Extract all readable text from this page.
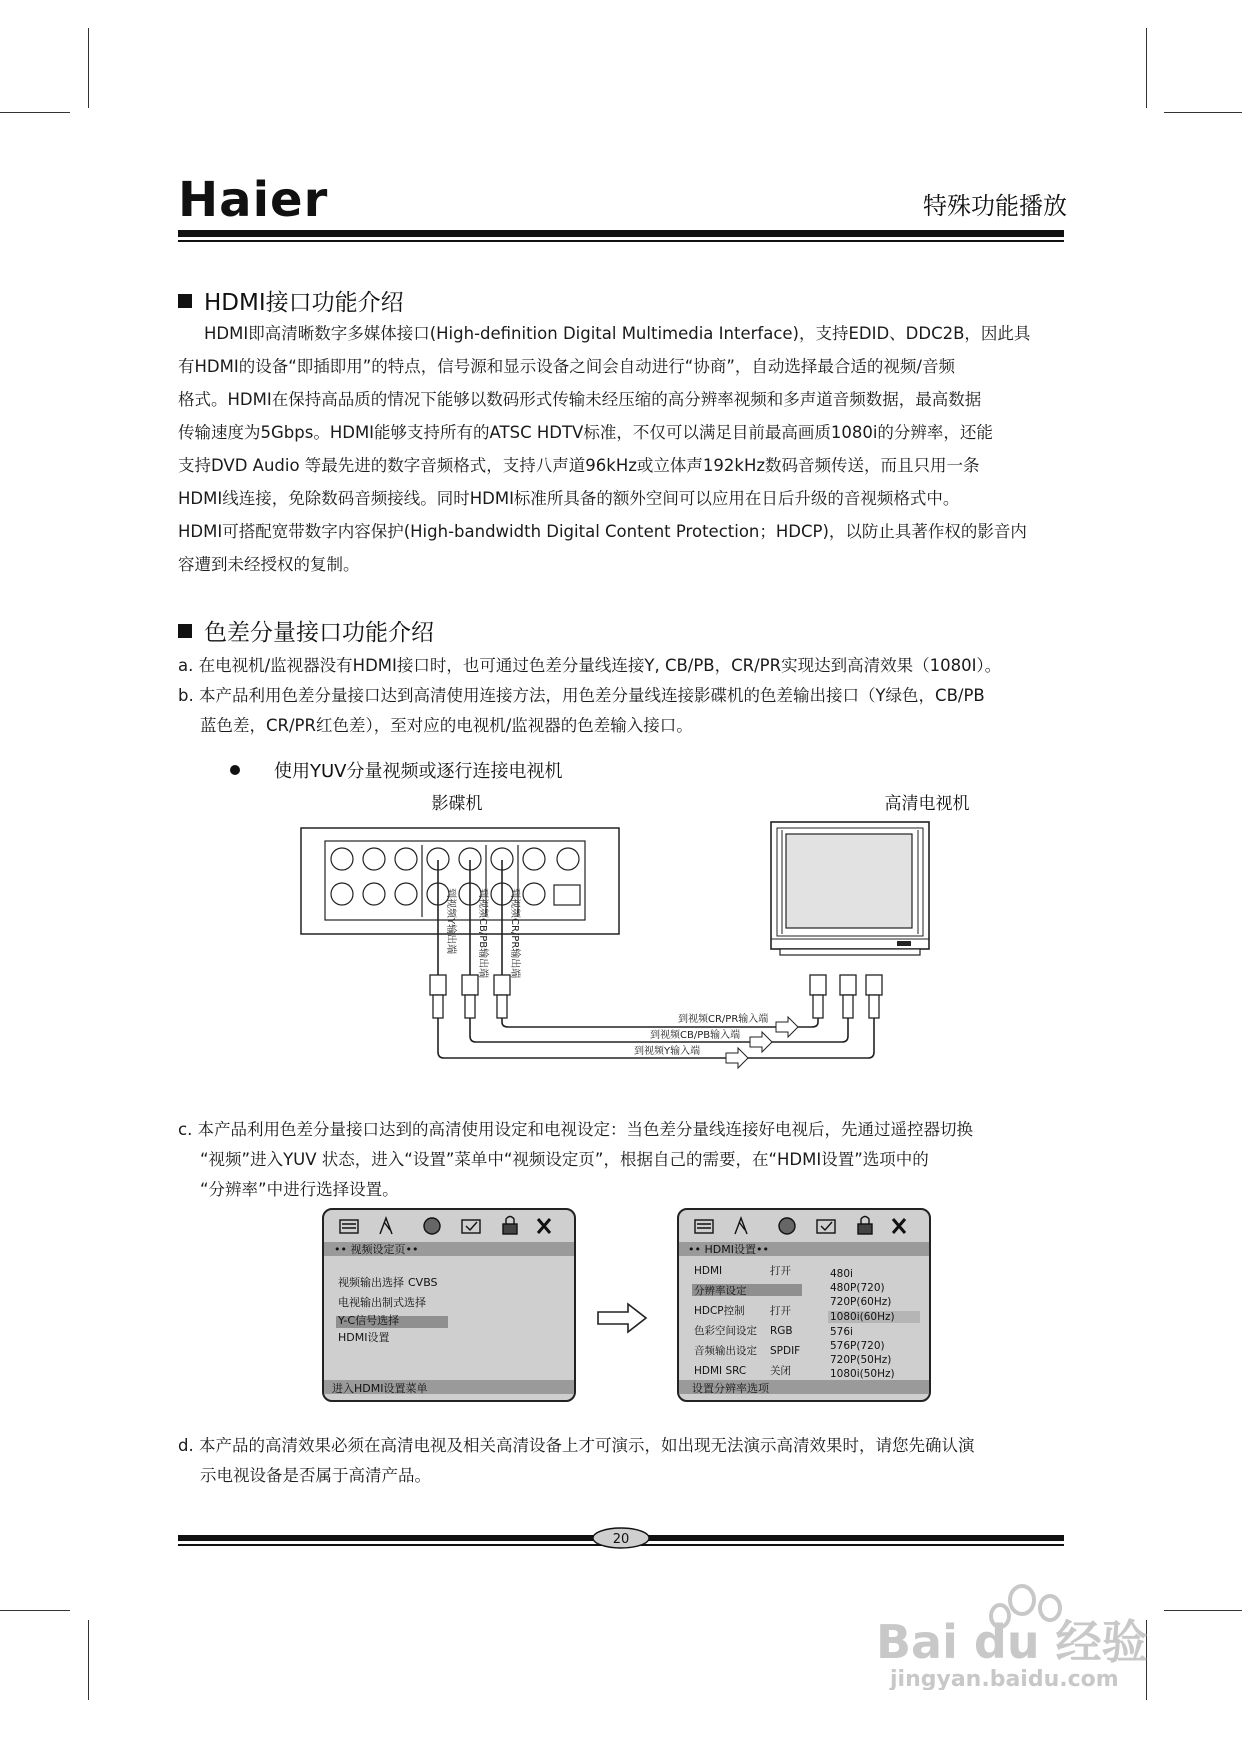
Haier	特殊功能播放
HDMI接口功能介绍

HDMI即高清晰数字多媒体接口(High-definition Digital Multimedia Interface)，支持EDID、DDC2B，因此具

有HDMI的设备“即插即用”的特点，信号源和显示设备之间会自动进行“协商”，自动选择最合适的视频/音频

格式。HDMI在保持高品质的情况下能够以数码形式传输未经压缩的高分辨率视频和多声道音频数据，最高数据

传输速度为5Gbps。HDMI能够支持所有的ATSC HDTV标准，不仅可以满足目前最高画质1080i的分辨率，还能

支持DVD Audio 等最先进的数字音频格式，支持八声道96kHz或立体声192kHz数码音频传送，而且只用一条

HDMI线连接，免除数码音频接线。同时HDMI标准所具备的额外空间可以应用在日后升级的音视频格式中。

HDMI可搭配宽带数字内容保护(High-bandwidth Digital Content Protection；HDCP)，以防止具著作权的影音内

容遭到未经授权的复制。

色差分量接口功能介绍
a. 在电视机/监视器没有HDMI接口时，也可通过色差分量线连接Y, CB/PB，CR/PR实现达到高清效果（1080I）。
b. 本产品利用色差分量接口达到高清使用连接方法，用色差分量线连接影碟机的色差输出接口（Y绿色，CB/PB
蓝色差，CR/PR红色差），至对应的电视机/监视器的色差输入接口。
使用YUV分量视频或逐行连接电视机
影碟机	高清电视机
到视频Y输出端 到视频CB/PB输出端 到视频CR/PR输出端
到视频CR/PR输入端
到视频CB/PB输入端
到视频Y输入端
c. 本产品利用色差分量接口达到的高清使用设定和电视设定：当色差分量线连接好电视后，先通过遥控器切换
“视频”进入YUV 状态，进入“设置”菜单中“视频设定页”，根据自己的需要，在“HDMI设置”选项中的
“分辨率”中进行选择设置。
•• 视频设定页••
视频输出选择 CVBS
电视输出制式选择
Y-C信号选择
HDMI设置
进入HDMI设置菜单
•• HDMI设置••
HDMI	打开
分辨率设定
HDCP控制 打开
色彩空间设定 RGB
音频输出设定 SPDIF
HDMI SRC 关闭
480i
480P(720)
720P(60Hz)
1080i(60Hz)
576i
576P(720)
720P(50Hz)
1080i(50Hz)
设置分辨率选项
d. 本产品的高清效果必须在高清电视及相关高清设备上才可演示，如出现无法演示高清效果时，请您先确认演
示电视设备是否属于高清产品。
20
Bai du 经验
jingyan.baidu.com
